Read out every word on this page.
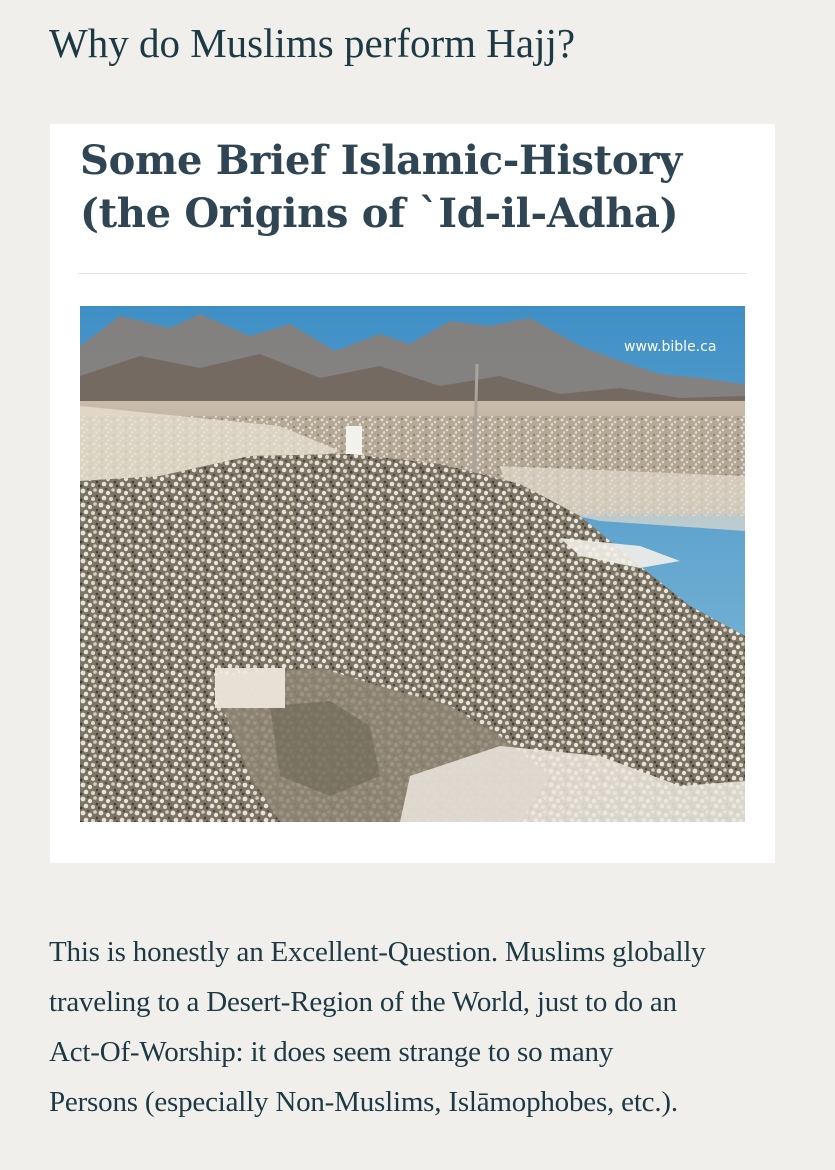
Why do Muslims perform Hajj?
Some Brief Islamic-History
(the Origins of `Id-il-Adha)
www.bible.ca

This is honestly an Excellent-Question. Muslims globally
traveling to a Desert-Region of the World, just to do an
Act-Of-Worship: it does seem strange to so many
Persons (especially Non-Muslims, Islāmophobes, etc.).
